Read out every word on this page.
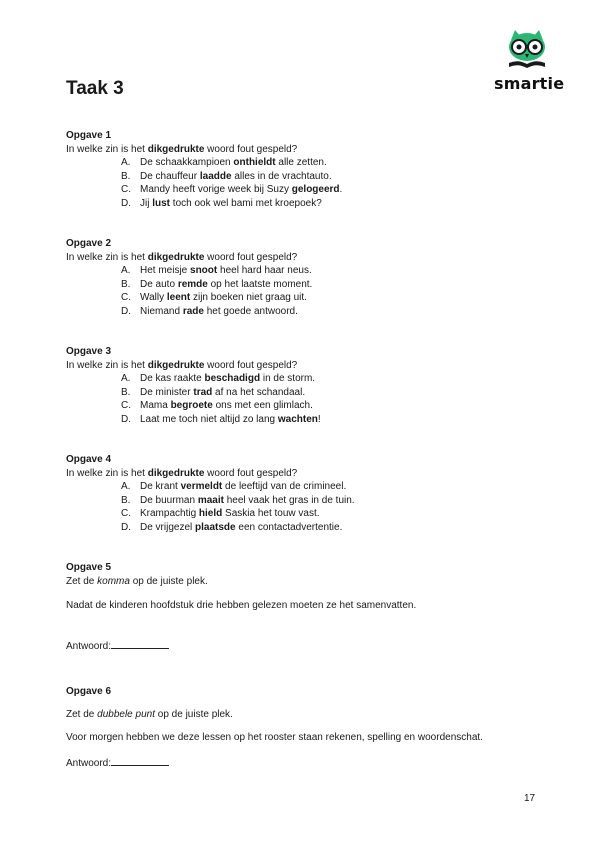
smartie
Taak 3
Opgave 1
In welke zin is het dikgedrukte woord fout gespeld?
A. De schaakkampioen onthieldt alle zetten.
B. De chauffeur laadde alles in de vrachtauto.
C. Mandy heeft vorige week bij Suzy gelogeerd.
D. Jij lust toch ook wel bami met kroepoek?
Opgave 2
In welke zin is het dikgedrukte woord fout gespeld?
A. Het meisje snoot heel hard haar neus.
B. De auto remde op het laatste moment.
C. Wally leent zijn boeken niet graag uit.
D. Niemand rade het goede antwoord.
Opgave 3
In welke zin is het dikgedrukte woord fout gespeld?
A. De kas raakte beschadigd in de storm.
B. De minister trad af na het schandaal.
C. Mama begroete ons met een glimlach.
D. Laat me toch niet altijd zo lang wachten!
Opgave 4
In welke zin is het dikgedrukte woord fout gespeld?
A. De krant vermeldt de leeftijd van de crimineel.
B. De buurman maait heel vaak het gras in de tuin.
C. Krampachtig hield Saskia het touw vast.
D. De vrijgezel plaatsde een contactadvertentie.
Opgave 5
Zet de komma op de juiste plek.
Nadat de kinderen hoofdstuk drie hebben gelezen moeten ze het samenvatten.
Antwoord:
Opgave 6
Zet de dubbele punt op de juiste plek.
Voor morgen hebben we deze lessen op het rooster staan rekenen, spelling en woordenschat.
Antwoord:
17
